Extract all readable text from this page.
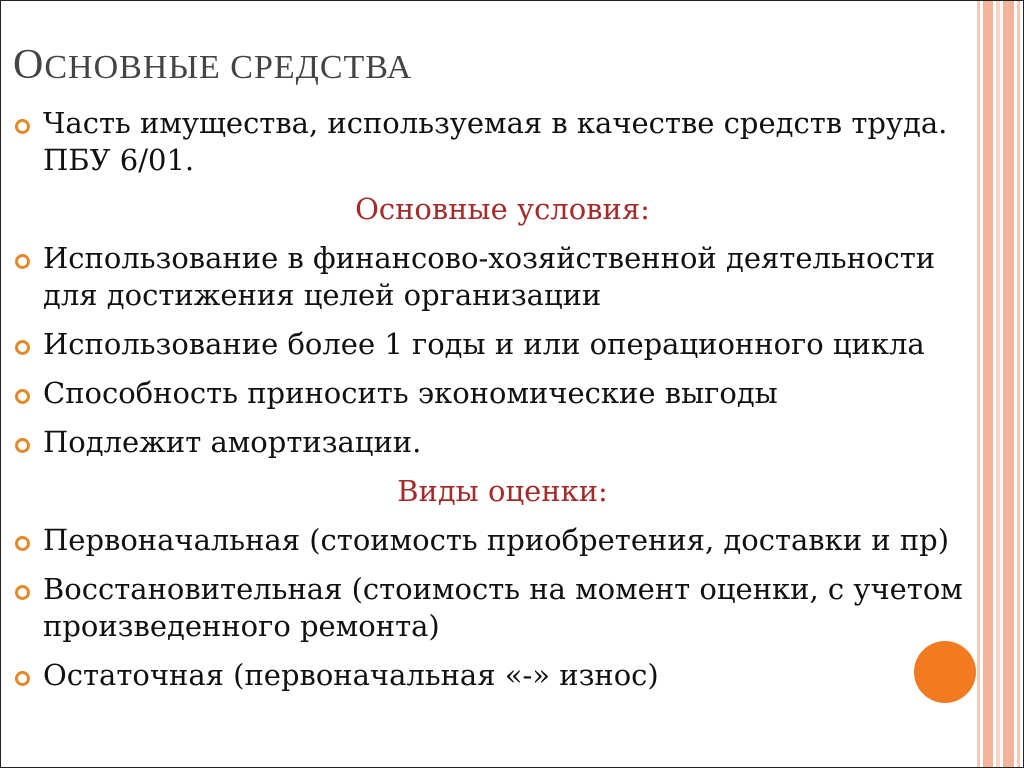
ОСНОВНЫЕ СРЕДСТВА
Часть имущества, используемая в качестве средств труда. ПБУ 6/01.
Основные условия:
Использование в финансово-хозяйственной деятельности для достижения целей организации
Использование более 1 годы и или операционного цикла
Способность приносить экономические выгоды
Подлежит амортизации.
Виды оценки:
Первоначальная (стоимость приобретения, доставки и пр)
Восстановительная (стоимость на момент оценки, с учетом произведенного ремонта)
Остаточная (первоначальная «-» износ)
